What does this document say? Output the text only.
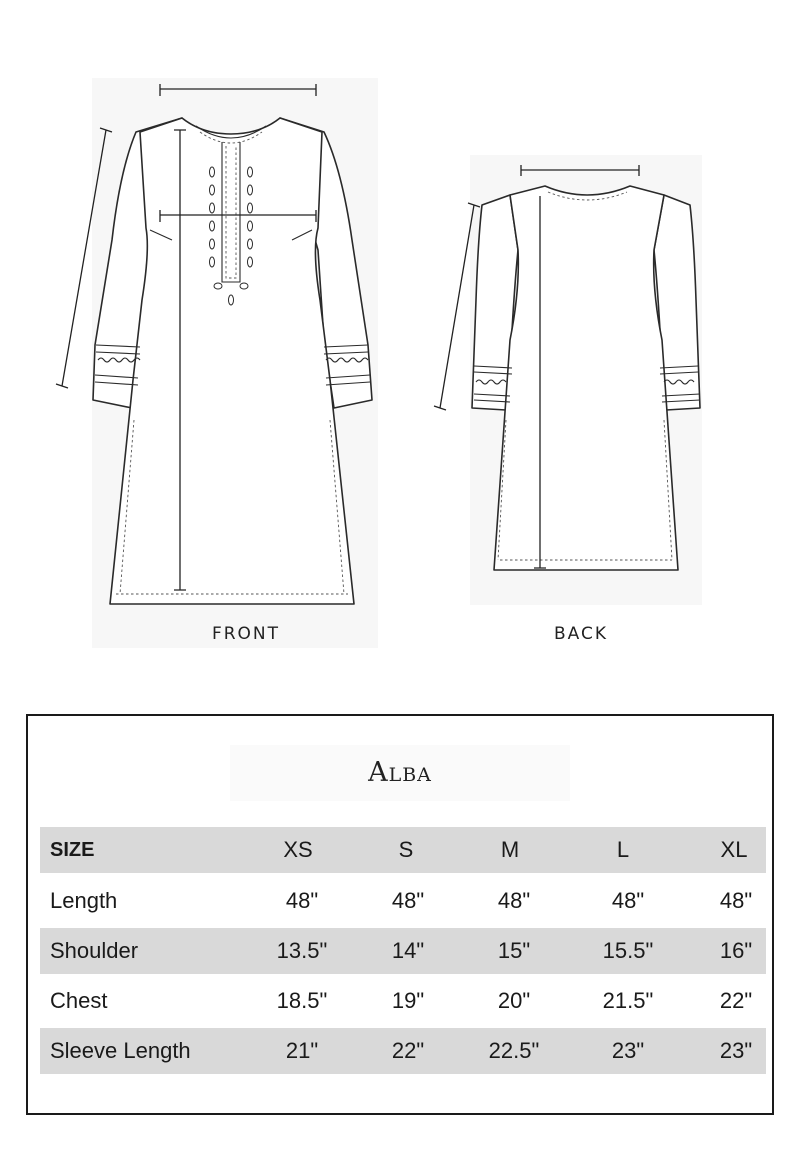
FRONT	BACK
Alba
SIZE	XS	S	M	L	XL
Length	48"	48"	48"	48"	48"
Shoulder	13.5"	14"	15"	15.5"	16"
Chest	18.5"	19"	20"	21.5"	22"
Sleeve Length	21"	22"	22.5"	23"	23"
